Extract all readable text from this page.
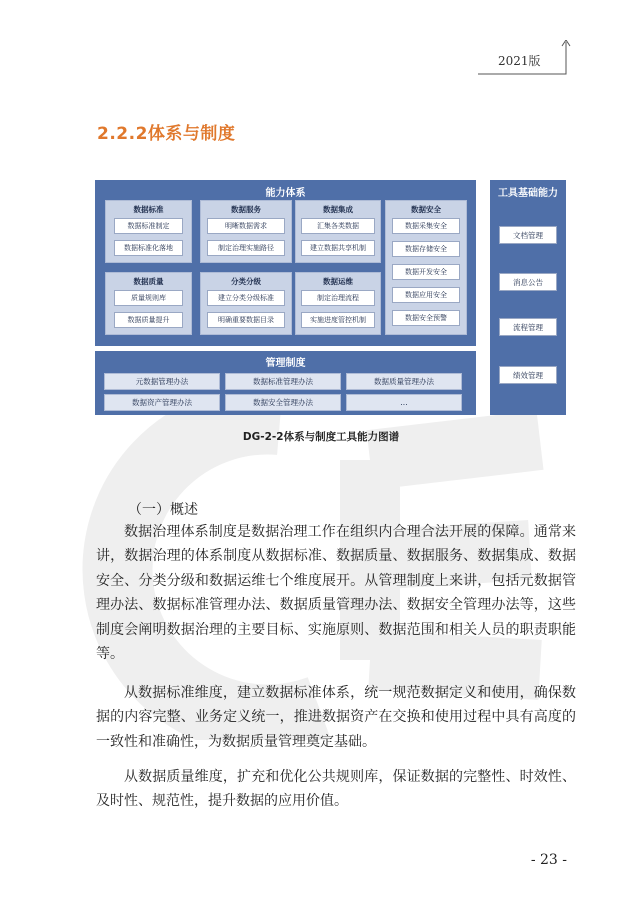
2021版
2.2.2体系与制度
能力体系
数据标准
数据标准制定
数据标准化落地
数据服务
明晰数据需求
制定治理实施路径
数据集成
汇集各类数据
建立数据共享机制
数据安全
数据采集安全
数据存储安全
数据开发安全
数据应用安全
数据安全预警
数据质量
质量规则库
数据质量提升
分类分级
建立分类分级标准
明确重要数据目录
数据运维
制定治理流程
实施进度管控机制
管理制度
元数据管理办法	数据标准管理办法	数据质量管理办法
数据资产管理办法	数据安全管理办法	...
工具基础能力
文档管理
消息公告
流程管理
绩效管理
DG-2-2体系与制度工具能力图谱
（一）概述

数据治理体系制度是数据治理工作在组织内合理合法开展的保障。通常来讲，数据治理的体系制度从数据标准、数据质量、数据服务、数据集成、数据安全、分类分级和数据运维七个维度展开。从管理制度上来讲，包括元数据管理办法、数据标准管理办法、数据质量管理办法、数据安全管理办法等，这些制度会阐明数据治理的主要目标、实施原则、数据范围和相关人员的职责职能等。

从数据标准维度，建立数据标准体系，统一规范数据定义和使用，确保数据的内容完整、业务定义统一，推进数据资产在交换和使用过程中具有高度的一致性和准确性，为数据质量管理奠定基础。

从数据质量维度，扩充和优化公共规则库，保证数据的完整性、时效性、及时性、规范性，提升数据的应用价值。

- 23 -
